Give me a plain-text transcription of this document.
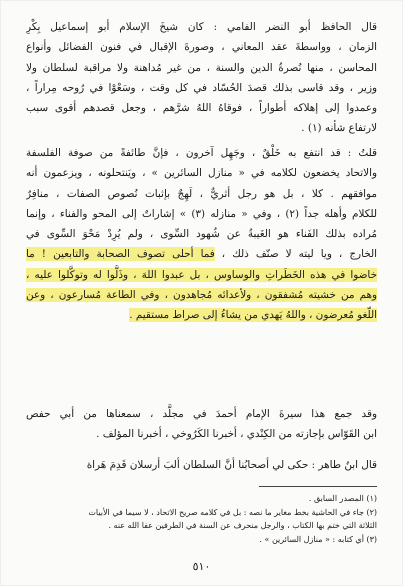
قال الحافظ أبو النضر الفامي : كان شيخَ الإسلام أبو إسماعيل بِكْرِ
الزمان ، وواسطةَ عقد المعاني ، وصورةَ الإقبال في فنون الفضائل وأنواع
المحاسن ، منها نُصرةُ الدين والسنة ، من غير مُداهنة ولا مراقبة لسلطان ولا
وزير ، وقد قاسى بذلك قصدَ الحُسّاد في كل وقت ، وسَعْوْا في رُوحه مِراراً ،
وعمدوا إلى إهلاكه أطواراً ، فوقاهُ اللهُ شرَّهم ، وجعل قصدهم أقوى سبب
لارتفاع شأنه (١) .
قلتُ : قد انتفع به خَلْقٌ ، وجَهِل آخرون ، فإنَّ طائفةً من صوفة الفلسفة
والاتحاد يخضعون لكلامه في « منازل السائرين » ، ويَنتحلونه ، ويزعمون أنه
موافقهم . كلا ، بل هو رجل أثريٌّ ، لَهِجٌ بإثبات نُصوص الصفات ، منافِرٌ
للكلام وأهله جداً (٢) ، وفي « منازله (٣) » إشاراتٌ إلى المحو والفناء ، وإنما
مُراده بذلك الفَناء هو الغَيبةُ عن شُهود السِّوى ، ولم يُرِدْ مَحْوَ السِّوى في
الخارج ، ويا ليته لا صنّف ذلك ، فما أحلى تصوف الصحابة والتابعين ! ما
خاضوا في هذه الخَطَراتِ والوساوس ، بل عبدوا اللهَ ، وذَلُّوا له وتوكَّلوا عليه ،
وهم من خشيته مُشفقون ، ولأعدائه مُجاهدون ، وفي الطاعة مُسارعون ، وعن
اللّغو مُعرضون ، واللهُ يَهدي من يشاءُ إلى صراط مستقيم .
وقد جمع هذا سيرةَ الإمام أحمدَ في مجلَّد ، سمعناها من أبي حفص
ابن القَوّاس بإجازته من الكِنْدي ، أخبرنا الكَرُوخي ، أخبرنا المؤلف .
قال ابنُ طاهر : حكى لي أصحابُنا أنَّ السلطان ألبَ أرسلان قَدِمَ هَراة
(١) المصدر السابق .
(٢) جاء في الحاشية بخط مغاير ما نصه : بل في كلامه صريح الاتحاد ، لا سيما في الأبيات
الثلاثة التي ختم بها الكتاب ، والرجل منحرف عن السنة في الطرفين عفا الله عنه .
(٣) أي كتابه : « منازل السائرين » .
٥١٠
